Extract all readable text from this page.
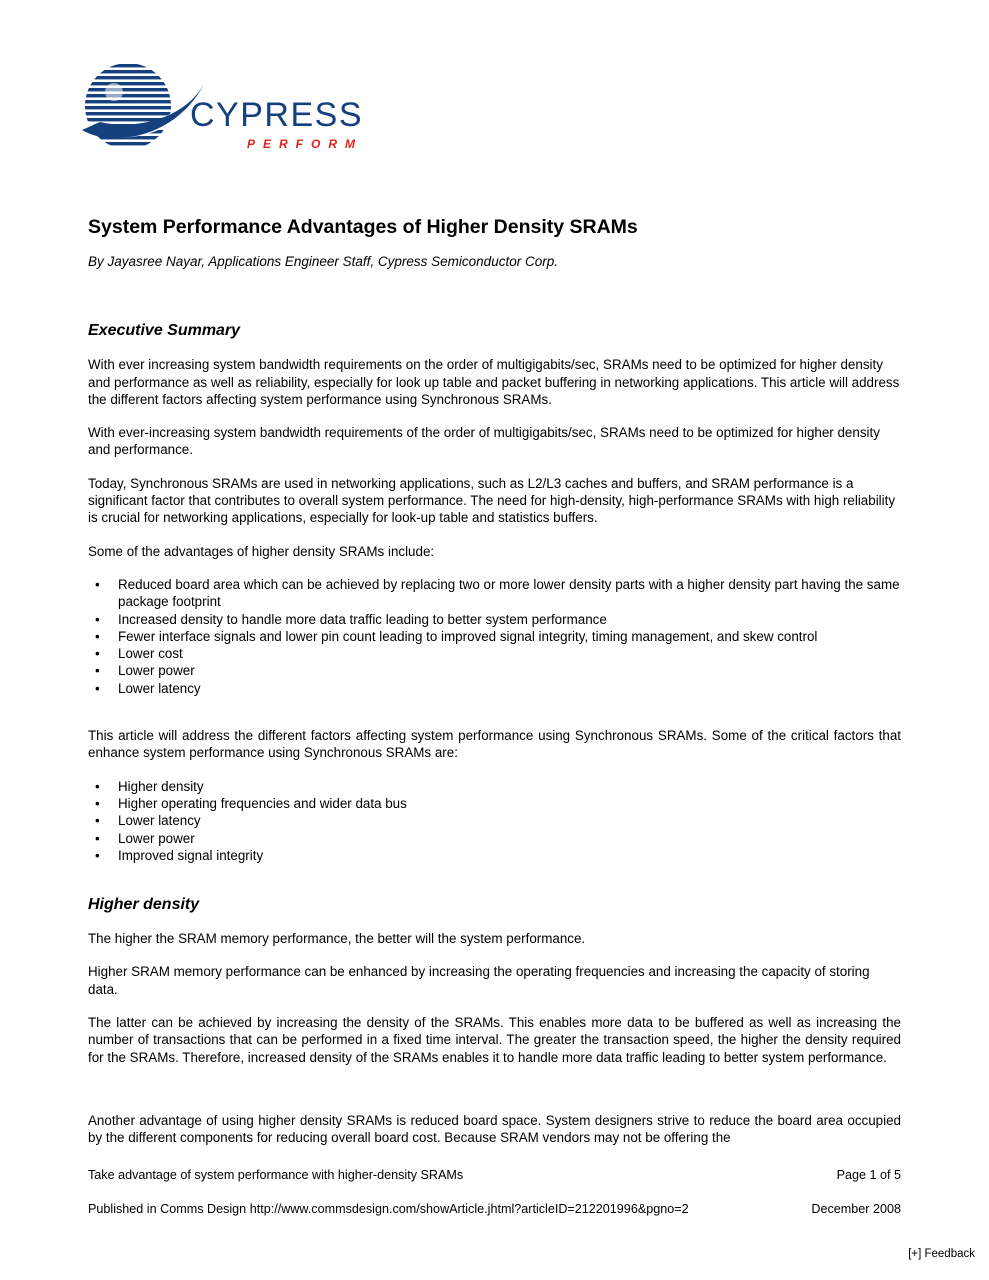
CYPRESS
PERFORM
System Performance Advantages of Higher Density SRAMs

By Jayasree Nayar, Applications Engineer Staff, Cypress Semiconductor Corp.

Executive Summary

With ever increasing system bandwidth requirements on the order of multigigabits/sec, SRAMs need to be optimized for higher density and performance as well as reliability, especially for look up table and packet buffering in networking applications. This article will address the different factors affecting system performance using Synchronous SRAMs.

With ever-increasing system bandwidth requirements of the order of multigigabits/sec, SRAMs need to be optimized for higher density and performance.

Today, Synchronous SRAMs are used in networking applications, such as L2/L3 caches and buffers, and SRAM performance is a significant factor that contributes to overall system performance. The need for high-density, high-performance SRAMs with high reliability is crucial for networking applications, especially for look-up table and statistics buffers.

Some of the advantages of higher density SRAMs include:

• Reduced board area which can be achieved by replacing two or more lower density parts with a higher density part having the same package footprint
• Increased density to handle more data traffic leading to better system performance
• Fewer interface signals and lower pin count leading to improved signal integrity, timing management, and skew control
• Lower cost
• Lower power
• Lower latency

This article will address the different factors affecting system performance using Synchronous SRAMs. Some of the critical factors that enhance system performance using Synchronous SRAMs are:

• Higher density
• Higher operating frequencies and wider data bus
• Lower latency
• Lower power
• Improved signal integrity
Higher density

The higher the SRAM memory performance, the better will the system performance.

Higher SRAM memory performance can be enhanced by increasing the operating frequencies and increasing the capacity of storing data.

The latter can be achieved by increasing the density of the SRAMs. This enables more data to be buffered as well as increasing the number of transactions that can be performed in a fixed time interval. The greater the transaction speed, the higher the density required for the SRAMs. Therefore, increased density of the SRAMs enables it to handle more data traffic leading to better system performance.

Another advantage of using higher density SRAMs is reduced board space. System designers strive to reduce the board area occupied by the different components for reducing overall board cost. Because SRAM vendors may not be offering the

Take advantage of system performance with higher-density SRAMs	Page 1 of 5
Published in Comms Design http://www.commsdesign.com/showArticle.jhtml?articleID=212201996&pgno=2	December 2008
[+] Feedback
